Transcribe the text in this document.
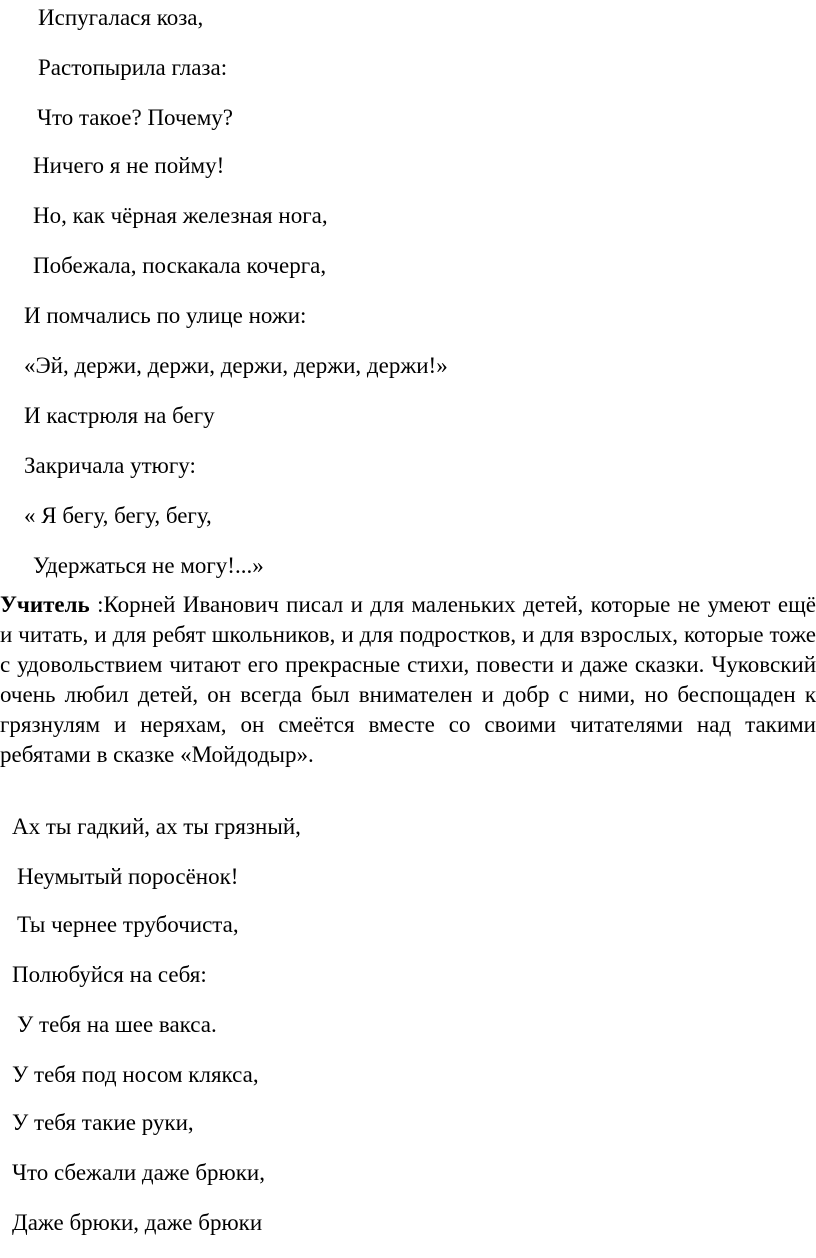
Испугалася коза,
Растопырила глаза:
Что такое? Почему?
Ничего я не пойму!
Но, как чёрная железная нога,
Побежала, поскакала кочерга,
И помчались по улице ножи:
«Эй, держи, держи, держи, держи, держи!»
И кастрюля на бегу
Закричала утюгу:
« Я бегу, бегу, бегу,
Удержаться не могу!...»
Учитель :Корней Иванович писал и для маленьких детей, которые не умеют ещё и читать, и для ребят школьников, и для подростков, и для взрослых, которые тоже с удовольствием читают его прекрасные стихи, повести и даже сказки. Чуковский очень любил детей, он всегда был внимателен и добр с ними, но беспощаден к грязнулям и неряхам, он смеётся вместе со своими читателями над такими ребятами в сказке «Мойдодыр».
Ах ты гадкий, ах ты грязный,
Неумытый поросёнок!
Ты чернее трубочиста,
Полюбуйся на себя:
У тебя на шее вакса.
У тебя под носом клякса,
У тебя такие руки,
Что сбежали даже брюки,
Даже брюки, даже брюки
